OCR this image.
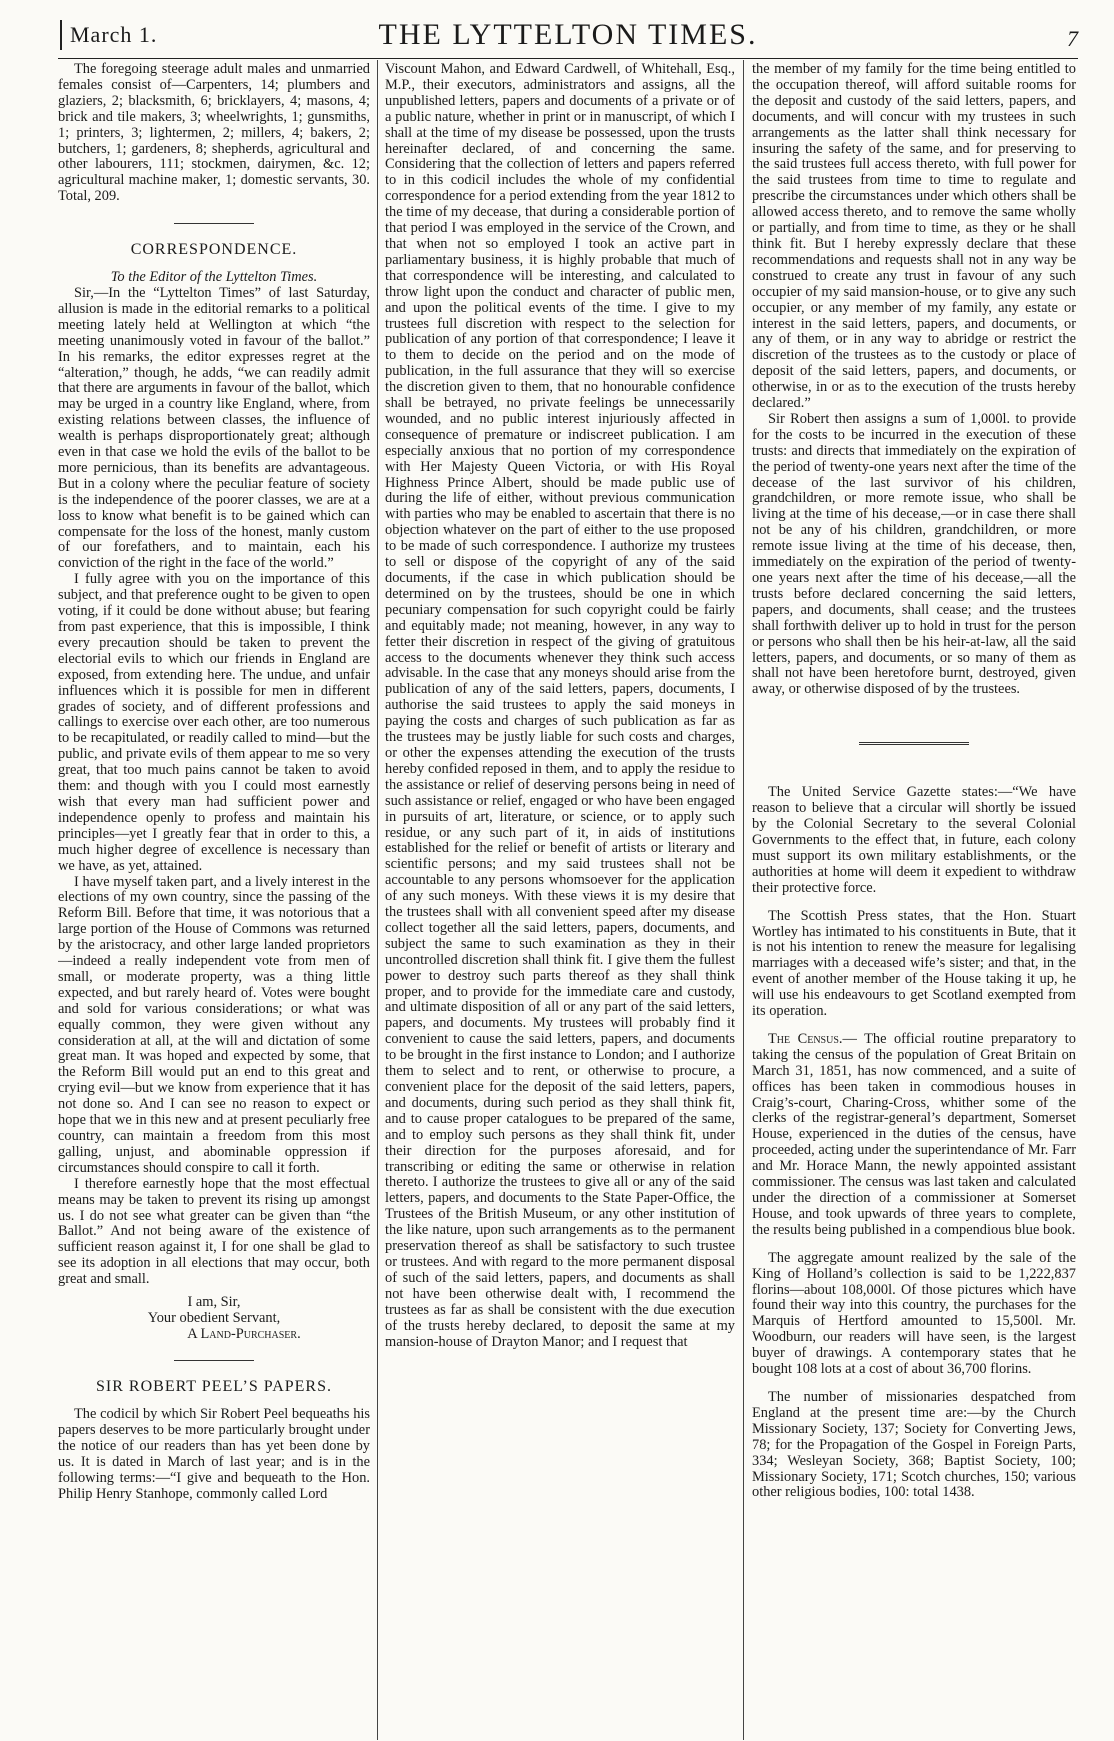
March 1.	THE LYTTELTON TIMES.	7

The foregoing steerage adult males and unmarried females consist of—Carpenters, 14; plumbers and glaziers, 2; blacksmith, 6; bricklayers, 4; masons, 4; brick and tile makers, 3; wheelwrights, 1; gunsmiths, 1; printers, 3; lightermen, 2; millers, 4; bakers, 2; butchers, 1; gardeners, 8; shepherds, agricultural and other labourers, 111; stockmen, dairymen, &c. 12; agricultural machine maker, 1; domestic servants, 30. Total, 209.

CORRESPONDENCE.

To the Editor of the Lyttelton Times.

Sir,—In the “Lyttelton Times” of last Saturday, allusion is made in the editorial remarks to a political meeting lately held at Wellington at which “the meeting unanimously voted in favour of the ballot.” In his remarks, the editor expresses regret at the “alteration,” though, he adds, “we can readily admit that there are arguments in favour of the ballot, which may be urged in a country like England, where, from existing relations between classes, the influence of wealth is perhaps disproportionately great; although even in that case we hold the evils of the ballot to be more pernicious, than its benefits are advantageous. But in a colony where the peculiar feature of society is the independence of the poorer classes, we are at a loss to know what benefit is to be gained which can compensate for the loss of the honest, manly custom of our forefathers, and to maintain, each his conviction of the right in the face of the world.”

I fully agree with you on the importance of this subject, and that preference ought to be given to open voting, if it could be done without abuse; but fearing from past experience, that this is impossible, I think every precaution should be taken to prevent the electorial evils to which our friends in England are exposed, from extending here. The undue, and unfair influences which it is possible for men in different grades of society, and of different professions and callings to exercise over each other, are too numerous to be recapitulated, or readily called to mind—but the public, and private evils of them appear to me so very great, that too much pains cannot be taken to avoid them: and though with you I could most earnestly wish that every man had sufficient power and independence openly to profess and maintain his principles—yet I greatly fear that in order to this, a much higher degree of excellence is necessary than we have, as yet, attained.

I have myself taken part, and a lively interest in the elections of my own country, since the passing of the Reform Bill. Before that time, it was notorious that a large portion of the House of Commons was returned by the aristocracy, and other large landed proprietors—indeed a really independent vote from men of small, or moderate property, was a thing little expected, and but rarely heard of. Votes were bought and sold for various considerations; or what was equally common, they were given without any consideration at all, at the will and dictation of some great man. It was hoped and expected by some, that the Reform Bill would put an end to this great and crying evil—but we know from experience that it has not done so. And I can see no reason to expect or hope that we in this new and at present peculiarly free country, can maintain a freedom from this most galling, unjust, and abominable oppression if circumstances should conspire to call it forth.

I therefore earnestly hope that the most effectual means may be taken to prevent its rising up amongst us. I do not see what greater can be given than “the Ballot.” And not being aware of the existence of sufficient reason against it, I for one shall be glad to see its adoption in all elections that may occur, both great and small.

I am, Sir,
Your obedient Servant,
A Land-Purchaser.
SIR ROBERT PEEL’S PAPERS.

The codicil by which Sir Robert Peel bequeaths his papers deserves to be more particularly brought under the notice of our readers than has yet been done by us. It is dated in March of last year; and is in the following terms:—“I give and bequeath to the Hon. Philip Henry Stanhope, commonly called Lord

Viscount Mahon, and Edward Cardwell, of Whitehall, Esq., M.P., their executors, administrators and assigns, all the unpublished letters, papers and documents of a private or of a public nature, whether in print or in manuscript, of which I shall at the time of my disease be possessed, upon the trusts hereinafter declared, of and concerning the same. Considering that the collection of letters and papers referred to in this codicil includes the whole of my confidential correspondence for a period extending from the year 1812 to the time of my decease, that during a considerable portion of that period I was employed in the service of the Crown, and that when not so employed I took an active part in parliamentary business, it is highly probable that much of that correspondence will be interesting, and calculated to throw light upon the conduct and character of public men, and upon the political events of the time. I give to my trustees full discretion with respect to the selection for publication of any portion of that correspondence; I leave it to them to decide on the period and on the mode of publication, in the full assurance that they will so exercise the discretion given to them, that no honourable confidence shall be betrayed, no private feelings be unnecessarily wounded, and no public interest injuriously affected in consequence of premature or indiscreet publication. I am especially anxious that no portion of my correspondence with Her Majesty Queen Victoria, or with His Royal Highness Prince Albert, should be made public use of during the life of either, without previous communication with parties who may be enabled to ascertain that there is no objection whatever on the part of either to the use proposed to be made of such correspondence. I authorize my trustees to sell or dispose of the copyright of any of the said documents, if the case in which publication should be determined on by the trustees, should be one in which pecuniary compensation for such copyright could be fairly and equitably made; not meaning, however, in any way to fetter their discretion in respect of the giving of gratuitous access to the documents whenever they think such access advisable. In the case that any moneys should arise from the publication of any of the said letters, papers, documents, I authorise the said trustees to apply the said moneys in paying the costs and charges of such publication as far as the trustees may be justly liable for such costs and charges, or other the expenses attending the execution of the trusts hereby confided reposed in them, and to apply the residue to the assistance or relief of deserving persons being in need of such assistance or relief, engaged or who have been engaged in pursuits of art, literature, or science, or to apply such residue, or any such part of it, in aids of institutions established for the relief or benefit of artists or literary and scientific persons; and my said trustees shall not be accountable to any persons whomsoever for the application of any such moneys. With these views it is my desire that the trustees shall with all convenient speed after my disease collect together all the said letters, papers, documents, and subject the same to such examination as they in their uncontrolled discretion shall think fit. I give them the fullest power to destroy such parts thereof as they shall think proper, and to provide for the immediate care and custody, and ultimate disposition of all or any part of the said letters, papers, and documents. My trustees will probably find it convenient to cause the said letters, papers, and documents to be brought in the first instance to London; and I authorize them to select and to rent, or otherwise to procure, a convenient place for the deposit of the said letters, papers, and documents, during such period as they shall think fit, and to cause proper catalogues to be prepared of the same, and to employ such persons as they shall think fit, under their direction for the purposes aforesaid, and for transcribing or editing the same or otherwise in relation thereto. I authorize the trustees to give all or any of the said letters, papers, and documents to the State Paper-Office, the Trustees of the British Museum, or any other institution of the like nature, upon such arrangements as to the permanent preservation thereof as shall be satisfactory to such trustee or trustees. And with regard to the more permanent disposal of such of the said letters, papers, and documents as shall not have been otherwise dealt with, I recommend the trustees as far as shall be consistent with the due execution of the trusts hereby declared, to deposit the same at my mansion-house of Drayton Manor; and I request that

the member of my family for the time being entitled to the occupation thereof, will afford suitable rooms for the deposit and custody of the said letters, papers, and documents, and will concur with my trustees in such arrangements as the latter shall think necessary for insuring the safety of the same, and for preserving to the said trustees full access thereto, with full power for the said trustees from time to time to regulate and prescribe the circumstances under which others shall be allowed access thereto, and to remove the same wholly or partially, and from time to time, as they or he shall think fit. But I hereby expressly declare that these recommendations and requests shall not in any way be construed to create any trust in favour of any such occupier of my said mansion-house, or to give any such occupier, or any member of my family, any estate or interest in the said letters, papers, and documents, or any of them, or in any way to abridge or restrict the discretion of the trustees as to the custody or place of deposit of the said letters, papers, and documents, or otherwise, in or as to the execution of the trusts hereby declared.”

Sir Robert then assigns a sum of 1,000l. to provide for the costs to be incurred in the execution of these trusts: and directs that immediately on the expiration of the period of twenty-one years next after the time of the decease of the last survivor of his children, grandchildren, or more remote issue, who shall be living at the time of his decease,—or in case there shall not be any of his children, grandchildren, or more remote issue living at the time of his decease, then, immediately on the expiration of the period of twenty-one years next after the time of his decease,—all the trusts before declared concerning the said letters, papers, and documents, shall cease; and the trustees shall forthwith deliver up to hold in trust for the person or persons who shall then be his heir-at-law, all the said letters, papers, and documents, or so many of them as shall not have been heretofore burnt, destroyed, given away, or otherwise disposed of by the trustees.

The United Service Gazette states:—“We have reason to believe that a circular will shortly be issued by the Colonial Secretary to the several Colonial Governments to the effect that, in future, each colony must support its own military establishments, or the authorities at home will deem it expedient to withdraw their protective force.

The Scottish Press states, that the Hon. Stuart Wortley has intimated to his constituents in Bute, that it is not his intention to renew the measure for legalising marriages with a deceased wife’s sister; and that, in the event of another member of the House taking it up, he will use his endeavours to get Scotland exempted from its operation.

The Census.— The official routine preparatory to taking the census of the population of Great Britain on March 31, 1851, has now commenced, and a suite of offices has been taken in commodious houses in Craig’s-court, Charing-Cross, whither some of the clerks of the registrar-general’s department, Somerset House, experienced in the duties of the census, have proceeded, acting under the superintendance of Mr. Farr and Mr. Horace Mann, the newly appointed assistant commissioner. The census was last taken and calculated under the direction of a commissioner at Somerset House, and took upwards of three years to complete, the results being published in a compendious blue book.

The aggregate amount realized by the sale of the King of Holland’s collection is said to be 1,222,837 florins—about 108,000l. Of those pictures which have found their way into this country, the purchases for the Marquis of Hertford amounted to 15,500l. Mr. Woodburn, our readers will have seen, is the largest buyer of drawings. A contemporary states that he bought 108 lots at a cost of about 36,700 florins.

The number of missionaries despatched from England at the present time are:—by the Church Missionary Society, 137; Society for Converting Jews, 78; for the Propagation of the Gospel in Foreign Parts, 334; Wesleyan Society, 368; Baptist Society, 100; Missionary Society, 171; Scotch churches, 150; various other religious bodies, 100: total 1438.
